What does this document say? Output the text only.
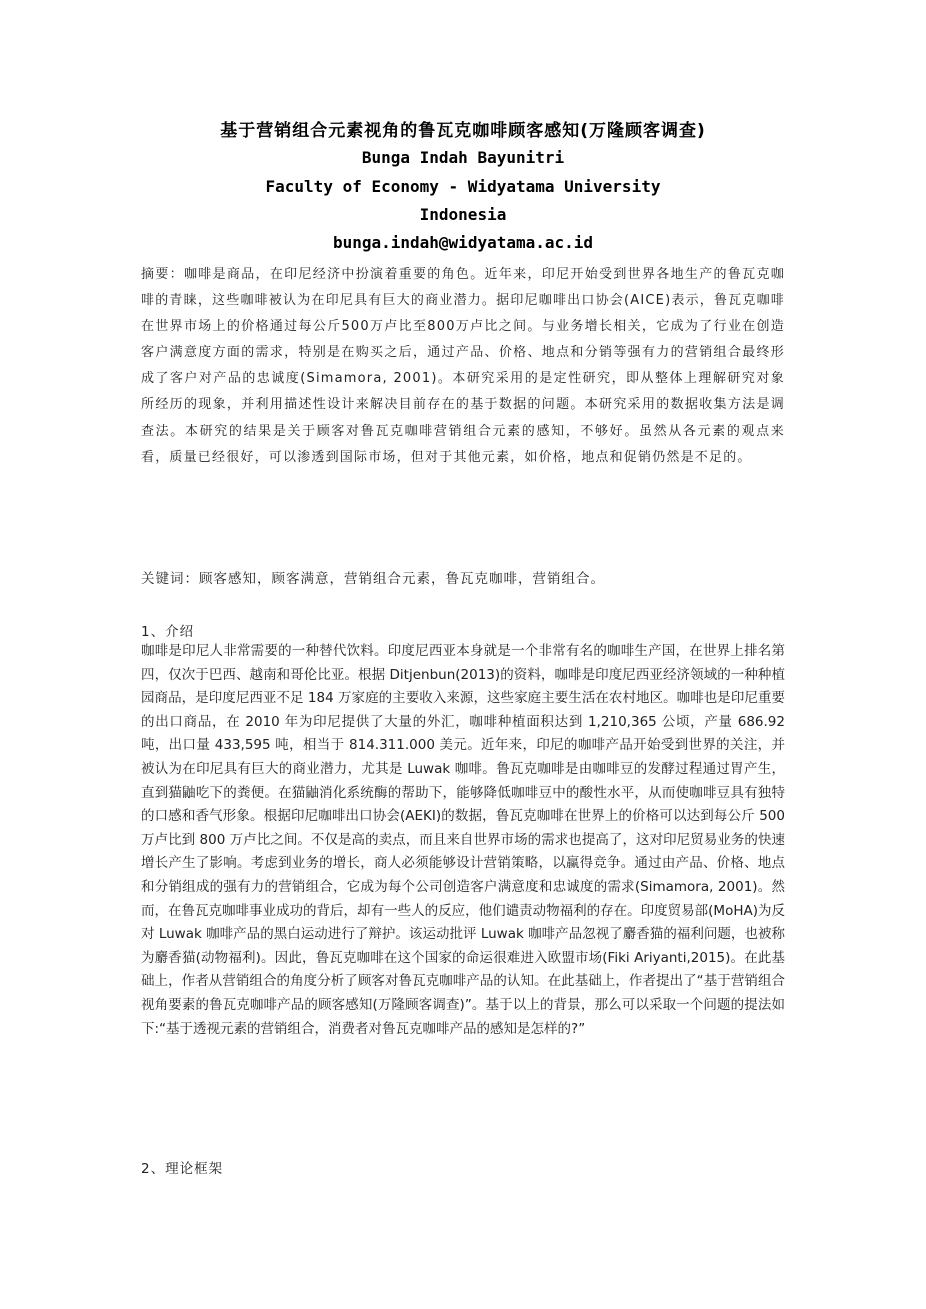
基于营销组合元素视角的鲁瓦克咖啡顾客感知(万隆顾客调查)
Bunga Indah Bayunitri
Faculty of Economy - Widyatama University
Indonesia
bunga.indah@widyatama.ac.id

摘要：咖啡是商品，在印尼经济中扮演着重要的角色。近年来，印尼开始受到世界各地生产的鲁瓦克咖啡的青睐，这些咖啡被认为在印尼具有巨大的商业潜力。据印尼咖啡出口协会(AICE)表示，鲁瓦克咖啡在世界市场上的价格通过每公斤500万卢比至800万卢比之间。与业务增长相关，它成为了行业在创造客户满意度方面的需求，特别是在购买之后，通过产品、价格、地点和分销等强有力的营销组合最终形成了客户对产品的忠诚度(Simamora, 2001)。本研究采用的是定性研究，即从整体上理解研究对象所经历的现象，并利用描述性设计来解决目前存在的基于数据的问题。本研究采用的数据收集方法是调查法。本研究的结果是关于顾客对鲁瓦克咖啡营销组合元素的感知，不够好。虽然从各元素的观点来看，质量已经很好，可以渗透到国际市场，但对于其他元素，如价格，地点和促销仍然是不足的。

关键词：顾客感知，顾客满意，营销组合元素，鲁瓦克咖啡，营销组合。

1、介绍

咖啡是印尼人非常需要的一种替代饮料。印度尼西亚本身就是一个非常有名的咖啡生产国，在世界上排名第四，仅次于巴西、越南和哥伦比亚。根据 Ditjenbun(2013)的资料，咖啡是印度尼西亚经济领域的一种种植园商品，是印度尼西亚不足 184 万家庭的主要收入来源，这些家庭主要生活在农村地区。咖啡也是印尼重要的出口商品，在 2010 年为印尼提供了大量的外汇，咖啡种植面积达到 1,210,365 公顷，产量 686.92 吨，出口量 433,595 吨，相当于 814.311.000 美元。近年来，印尼的咖啡产品开始受到世界的关注，并被认为在印尼具有巨大的商业潜力，尤其是 Luwak 咖啡。鲁瓦克咖啡是由咖啡豆的发酵过程通过胃产生，直到猫鼬吃下的粪便。在猫鼬消化系统酶的帮助下，能够降低咖啡豆中的酸性水平，从而使咖啡豆具有独特的口感和香气形象。根据印尼咖啡出口协会(AEKI)的数据，鲁瓦克咖啡在世界上的价格可以达到每公斤 500 万卢比到 800 万卢比之间。不仅是高的卖点，而且来自世界市场的需求也提高了，这对印尼贸易业务的快速增长产生了影响。考虑到业务的增长，商人必须能够设计营销策略，以赢得竞争。通过由产品、价格、地点和分销组成的强有力的营销组合，它成为每个公司创造客户满意度和忠诚度的需求(Simamora, 2001)。然而，在鲁瓦克咖啡事业成功的背后，却有一些人的反应，他们谴责动物福利的存在。印度贸易部(MoHA)为反对 Luwak 咖啡产品的黑白运动进行了辩护。该运动批评 Luwak 咖啡产品忽视了麝香猫的福利问题，也被称为麝香猫(动物福利)。因此，鲁瓦克咖啡在这个国家的命运很难进入欧盟市场(Fiki Ariyanti,2015)。在此基础上，作者从营销组合的角度分析了顾客对鲁瓦克咖啡产品的认知。在此基础上，作者提出了“基于营销组合视角要素的鲁瓦克咖啡产品的顾客感知(万隆顾客调查)”。基于以上的背景，那么可以采取一个问题的提法如下:“基于透视元素的营销组合，消费者对鲁瓦克咖啡产品的感知是怎样的?”

2、理论框架
